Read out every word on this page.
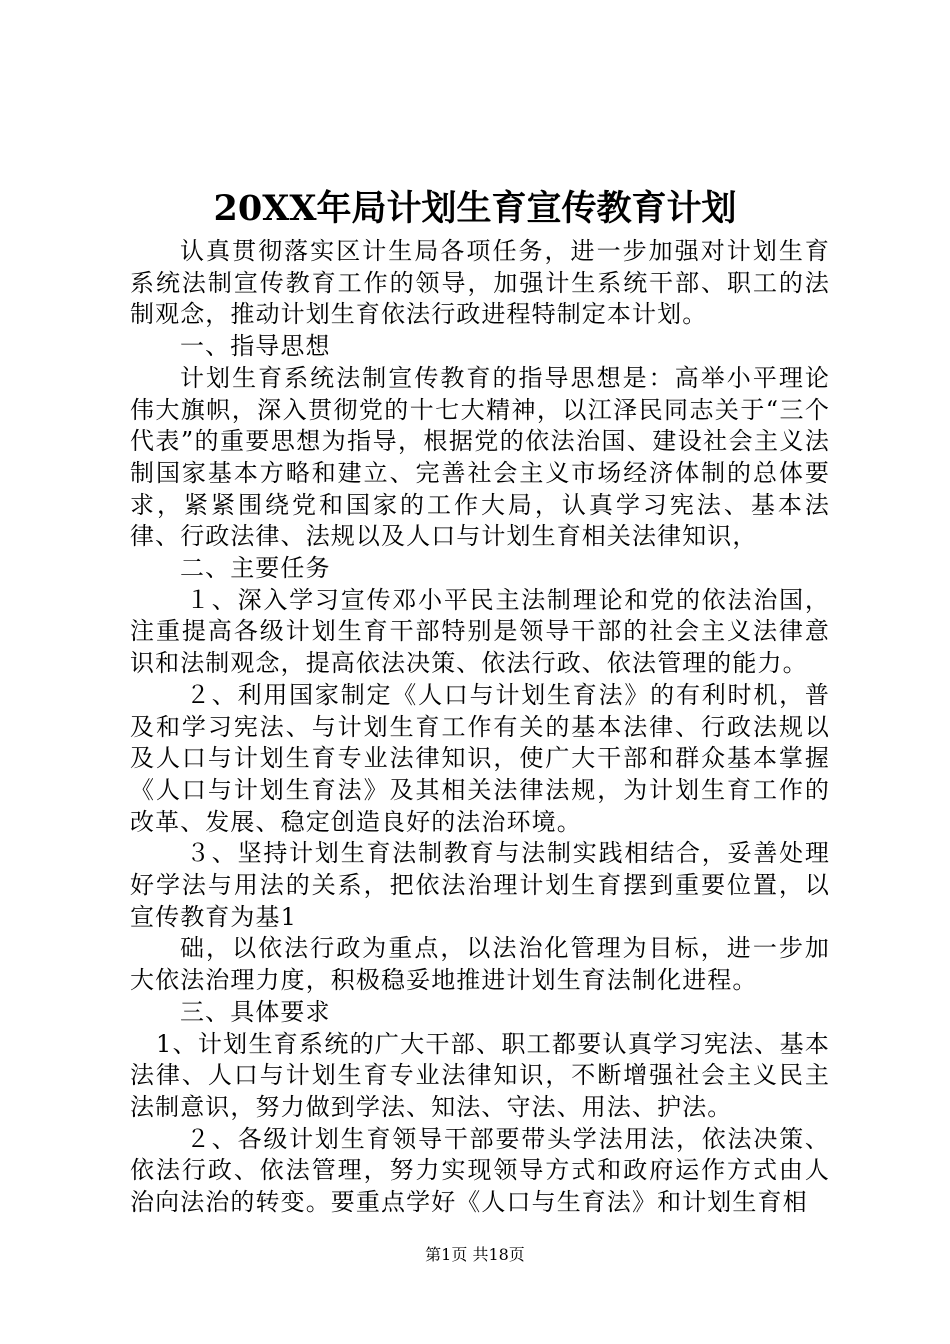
20XX年局计划生育宣传教育计划

认真贯彻落实区计生局各项任务，进一步加强对计划生育系统法制宣传教育工作的领导，加强计生系统干部、职工的法制观念，推动计划生育依法行政进程特制定本计划。

一、指导思想

计划生育系统法制宣传教育的指导思想是：高举小平理论伟大旗帜，深入贯彻党的十七大精神，以江泽民同志关于“三个代表”的重要思想为指导，根据党的依法治国、建设社会主义法制国家基本方略和建立、完善社会主义市场经济体制的总体要求，紧紧围绕党和国家的工作大局，认真学习宪法、基本法律、行政法律、法规以及人口与计划生育相关法律知识，

二、主要任务

１、深入学习宣传邓小平民主法制理论和党的依法治国，注重提高各级计划生育干部特别是领导干部的社会主义法律意识和法制观念，提高依法决策、依法行政、依法管理的能力。

２、利用国家制定《人口与计划生育法》的有利时机，普及和学习宪法、与计划生育工作有关的基本法律、行政法规以及人口与计划生育专业法律知识，使广大干部和群众基本掌握《人口与计划生育法》及其相关法律法规，为计划生育工作的改革、发展、稳定创造良好的法治环境。

３、坚持计划生育法制教育与法制实践相结合，妥善处理好学法与用法的关系，把依法治理计划生育摆到重要位置，以宣传教育为基1

础，以依法行政为重点，以法治化管理为目标，进一步加大依法治理力度，积极稳妥地推进计划生育法制化进程。

三、具体要求

1、计划生育系统的广大干部、职工都要认真学习宪法、基本法律、人口与计划生育专业法律知识，不断增强社会主义民主法制意识，努力做到学法、知法、守法、用法、护法。

２、各级计划生育领导干部要带头学法用法，依法决策、依法行政、依法管理，努力实现领导方式和政府运作方式由人治向法治的转变。要重点学好《人口与生育法》和计划生育相

第1页 共18页
